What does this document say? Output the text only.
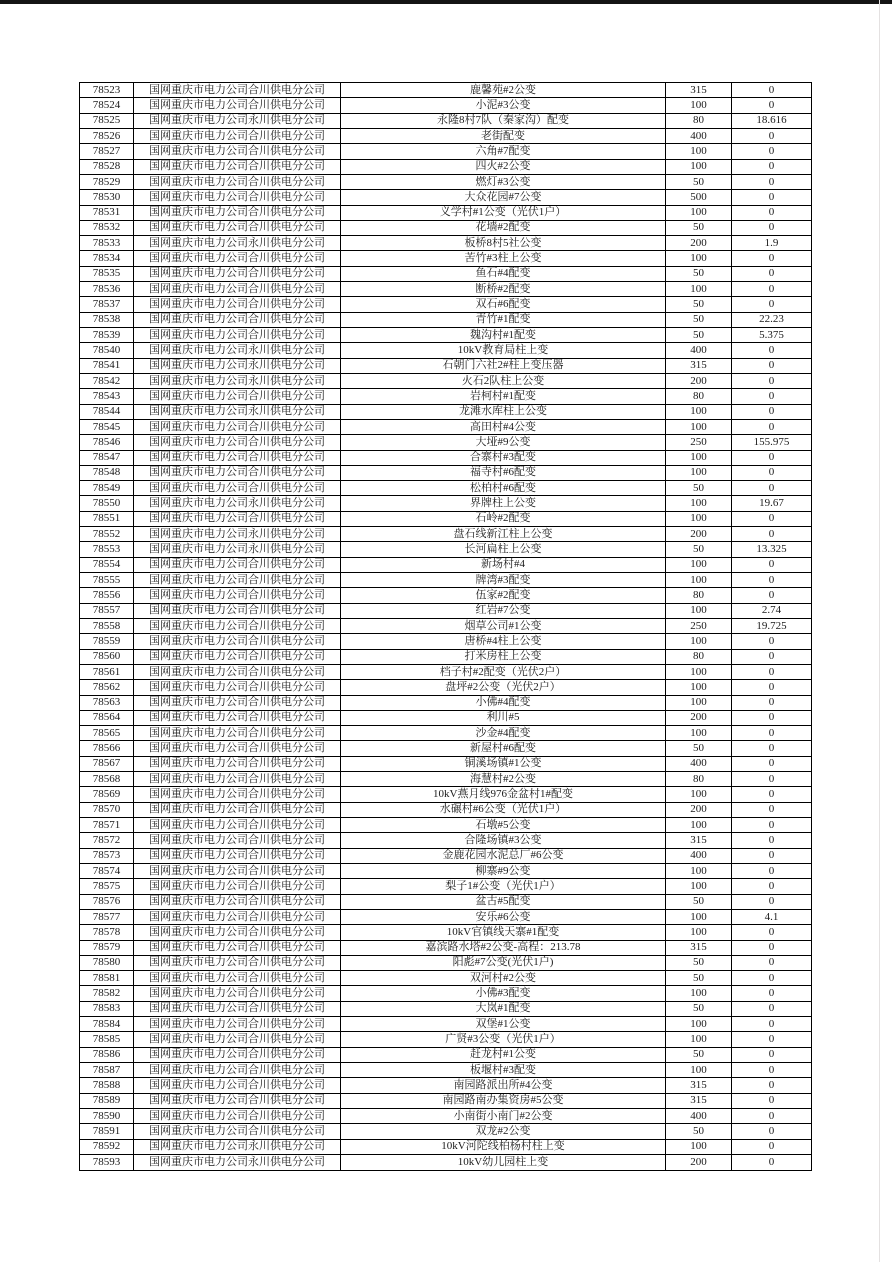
78523	国网重庆市电力公司合川供电分公司	鹿馨苑#2公变	315	0
78524	国网重庆市电力公司合川供电分公司	小泥#3公变	100	0
78525	国网重庆市电力公司永川供电分公司	永隆8村7队（秦家沟）配变	80	18.616
78526	国网重庆市电力公司合川供电分公司	老街配变	400	0
78527	国网重庆市电力公司合川供电分公司	六角#7配变	100	0
78528	国网重庆市电力公司合川供电分公司	四火#2公变	100	0
78529	国网重庆市电力公司合川供电分公司	燃灯#3公变	50	0
78530	国网重庆市电力公司合川供电分公司	大众花园#7公变	500	0
78531	国网重庆市电力公司合川供电分公司	义学村#1公变（光伏1户）	100	0
78532	国网重庆市电力公司合川供电分公司	花墙#2配变	50	0
78533	国网重庆市电力公司永川供电分公司	板桥8村5社公变	200	1.9
78534	国网重庆市电力公司合川供电分公司	苦竹#3柱上公变	100	0
78535	国网重庆市电力公司合川供电分公司	鱼石#4配变	50	0
78536	国网重庆市电力公司合川供电分公司	断桥#2配变	100	0
78537	国网重庆市电力公司合川供电分公司	双石#6配变	50	0
78538	国网重庆市电力公司合川供电分公司	青竹#1配变	50	22.23
78539	国网重庆市电力公司合川供电分公司	魏沟村#1配变	50	5.375
78540	国网重庆市电力公司永川供电分公司	10kV教育局柱上变	400	0
78541	国网重庆市电力公司永川供电分公司	石朝门六社2#柱上变压器	315	0
78542	国网重庆市电力公司永川供电分公司	火石2队柱上公变	200	0
78543	国网重庆市电力公司合川供电分公司	岩柯村#1配变	80	0
78544	国网重庆市电力公司永川供电分公司	龙滩水库柱上公变	100	0
78545	国网重庆市电力公司合川供电分公司	高田村#4公变	100	0
78546	国网重庆市电力公司合川供电分公司	大垭#9公变	250	155.975
78547	国网重庆市电力公司合川供电分公司	合寨村#3配变	100	0
78548	国网重庆市电力公司合川供电分公司	福寺村#6配变	100	0
78549	国网重庆市电力公司合川供电分公司	松柏村#6配变	50	0
78550	国网重庆市电力公司永川供电分公司	界牌柱上公变	100	19.67
78551	国网重庆市电力公司合川供电分公司	石岭#2配变	100	0
78552	国网重庆市电力公司永川供电分公司	盘石线新江柱上公变	200	0
78553	国网重庆市电力公司永川供电分公司	长河扁柱上公变	50	13.325
78554	国网重庆市电力公司合川供电分公司	新场村#4	100	0
78555	国网重庆市电力公司合川供电分公司	牌湾#3配变	100	0
78556	国网重庆市电力公司合川供电分公司	伍家#2配变	80	0
78557	国网重庆市电力公司合川供电分公司	红岩#7公变	100	2.74
78558	国网重庆市电力公司合川供电分公司	烟草公司#1公变	250	19.725
78559	国网重庆市电力公司合川供电分公司	唐桥#4柱上公变	100	0
78560	国网重庆市电力公司合川供电分公司	打米房柱上公变	80	0
78561	国网重庆市电力公司合川供电分公司	档子村#2配变（光伏2户）	100	0
78562	国网重庆市电力公司合川供电分公司	盘坪#2公变（光伏2户）	100	0
78563	国网重庆市电力公司合川供电分公司	小佛#4配变	100	0
78564	国网重庆市电力公司合川供电分公司	利川#5	200	0
78565	国网重庆市电力公司合川供电分公司	沙金#4配变	100	0
78566	国网重庆市电力公司合川供电分公司	新屋村#6配变	50	0
78567	国网重庆市电力公司合川供电分公司	铜溪场镇#1公变	400	0
78568	国网重庆市电力公司合川供电分公司	海慧村#2公变	80	0
78569	国网重庆市电力公司合川供电分公司	10kV燕月线976金盆村1#配变	100	0
78570	国网重庆市电力公司合川供电分公司	水碾村#6公变（光伏1户）	200	0
78571	国网重庆市电力公司合川供电分公司	石墩#5公变	100	0
78572	国网重庆市电力公司合川供电分公司	合隆场镇#3公变	315	0
78573	国网重庆市电力公司合川供电分公司	金鹿花园水泥总厂#6公变	400	0
78574	国网重庆市电力公司合川供电分公司	柳寨#9公变	100	0
78575	国网重庆市电力公司合川供电分公司	梨子1#公变（光伏1户）	100	0
78576	国网重庆市电力公司合川供电分公司	盆古#5配变	50	0
78577	国网重庆市电力公司合川供电分公司	安乐#6公变	100	4.1
78578	国网重庆市电力公司合川供电分公司	10kV官镇线天寨#1配变	100	0
78579	国网重庆市电力公司合川供电分公司	嘉滨路水塔#2公变-高程：213.78	315	0
78580	国网重庆市电力公司合川供电分公司	阳彪#7公变(光伏1户)	50	0
78581	国网重庆市电力公司合川供电分公司	双河村#2公变	50	0
78582	国网重庆市电力公司合川供电分公司	小佛#3配变	100	0
78583	国网重庆市电力公司合川供电分公司	大岚#1配变	50	0
78584	国网重庆市电力公司合川供电分公司	双堡#1公变	100	0
78585	国网重庆市电力公司合川供电分公司	广贤#3公变（光伏1户）	100	0
78586	国网重庆市电力公司合川供电分公司	赶龙村#1公变	50	0
78587	国网重庆市电力公司合川供电分公司	板堰村#3配变	100	0
78588	国网重庆市电力公司合川供电分公司	南园路派出所#4公变	315	0
78589	国网重庆市电力公司合川供电分公司	南园路南办集资房#5公变	315	0
78590	国网重庆市电力公司合川供电分公司	小南街小南门#2公变	400	0
78591	国网重庆市电力公司合川供电分公司	双龙#2公变	50	0
78592	国网重庆市电力公司永川供电分公司	10kV河陀线柏杨村柱上变	100	0
78593	国网重庆市电力公司永川供电分公司	10kV幼儿园柱上变	200	0
